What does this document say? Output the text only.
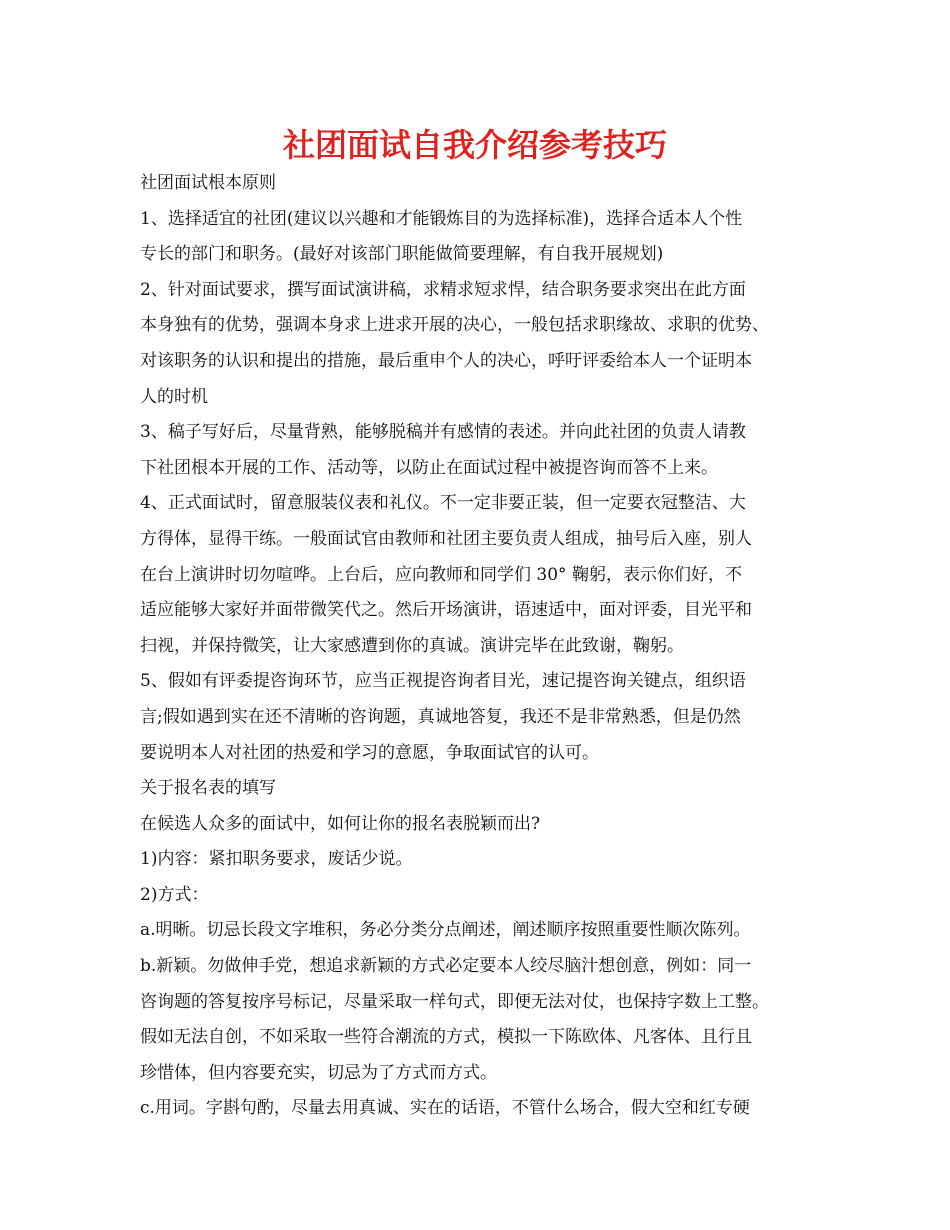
社团面试自我介绍参考技巧
社团面试根本原则
1、选择适宜的社团(建议以兴趣和才能锻炼目的为选择标准)，选择合适本人个性
专长的部门和职务。(最好对该部门职能做简要理解，有自我开展规划)
2、针对面试要求，撰写面试演讲稿，求精求短求悍，结合职务要求突出在此方面
本身独有的优势，强调本身求上进求开展的决心，一般包括求职缘故、求职的优势、
对该职务的认识和提出的措施，最后重申个人的决心，呼吁评委给本人一个证明本
人的时机
3、稿子写好后，尽量背熟，能够脱稿并有感情的表述。并向此社团的负责人请教
下社团根本开展的工作、活动等，以防止在面试过程中被提咨询而答不上来。
4、正式面试时，留意服装仪表和礼仪。不一定非要正装，但一定要衣冠整洁、大
方得体，显得干练。一般面试官由教师和社团主要负责人组成，抽号后入座，别人
在台上演讲时切勿喧哗。上台后，应向教师和同学们 30° 鞠躬，表示你们好，不
适应能够大家好并面带微笑代之。然后开场演讲，语速适中，面对评委，目光平和
扫视，并保持微笑，让大家感遭到你的真诚。演讲完毕在此致谢，鞠躬。
5、假如有评委提咨询环节，应当正视提咨询者目光，速记提咨询关键点，组织语
言;假如遇到实在还不清晰的咨询题，真诚地答复，我还不是非常熟悉，但是仍然
要说明本人对社团的热爱和学习的意愿，争取面试官的认可。
关于报名表的填写
在候选人众多的面试中，如何让你的报名表脱颖而出?
1)内容：紧扣职务要求，废话少说。
2)方式：
a.明晰。切忌长段文字堆积，务必分类分点阐述，阐述顺序按照重要性顺次陈列。
b.新颖。勿做伸手党，想追求新颖的方式必定要本人绞尽脑汁想创意，例如：同一
咨询题的答复按序号标记，尽量采取一样句式，即便无法对仗，也保持字数上工整。
假如无法自创，不如采取一些符合潮流的方式，模拟一下陈欧体、凡客体、且行且
珍惜体，但内容要充实，切忌为了方式而方式。
c.用词。字斟句酌，尽量去用真诚、实在的话语，不管什么场合，假大空和红专硬
